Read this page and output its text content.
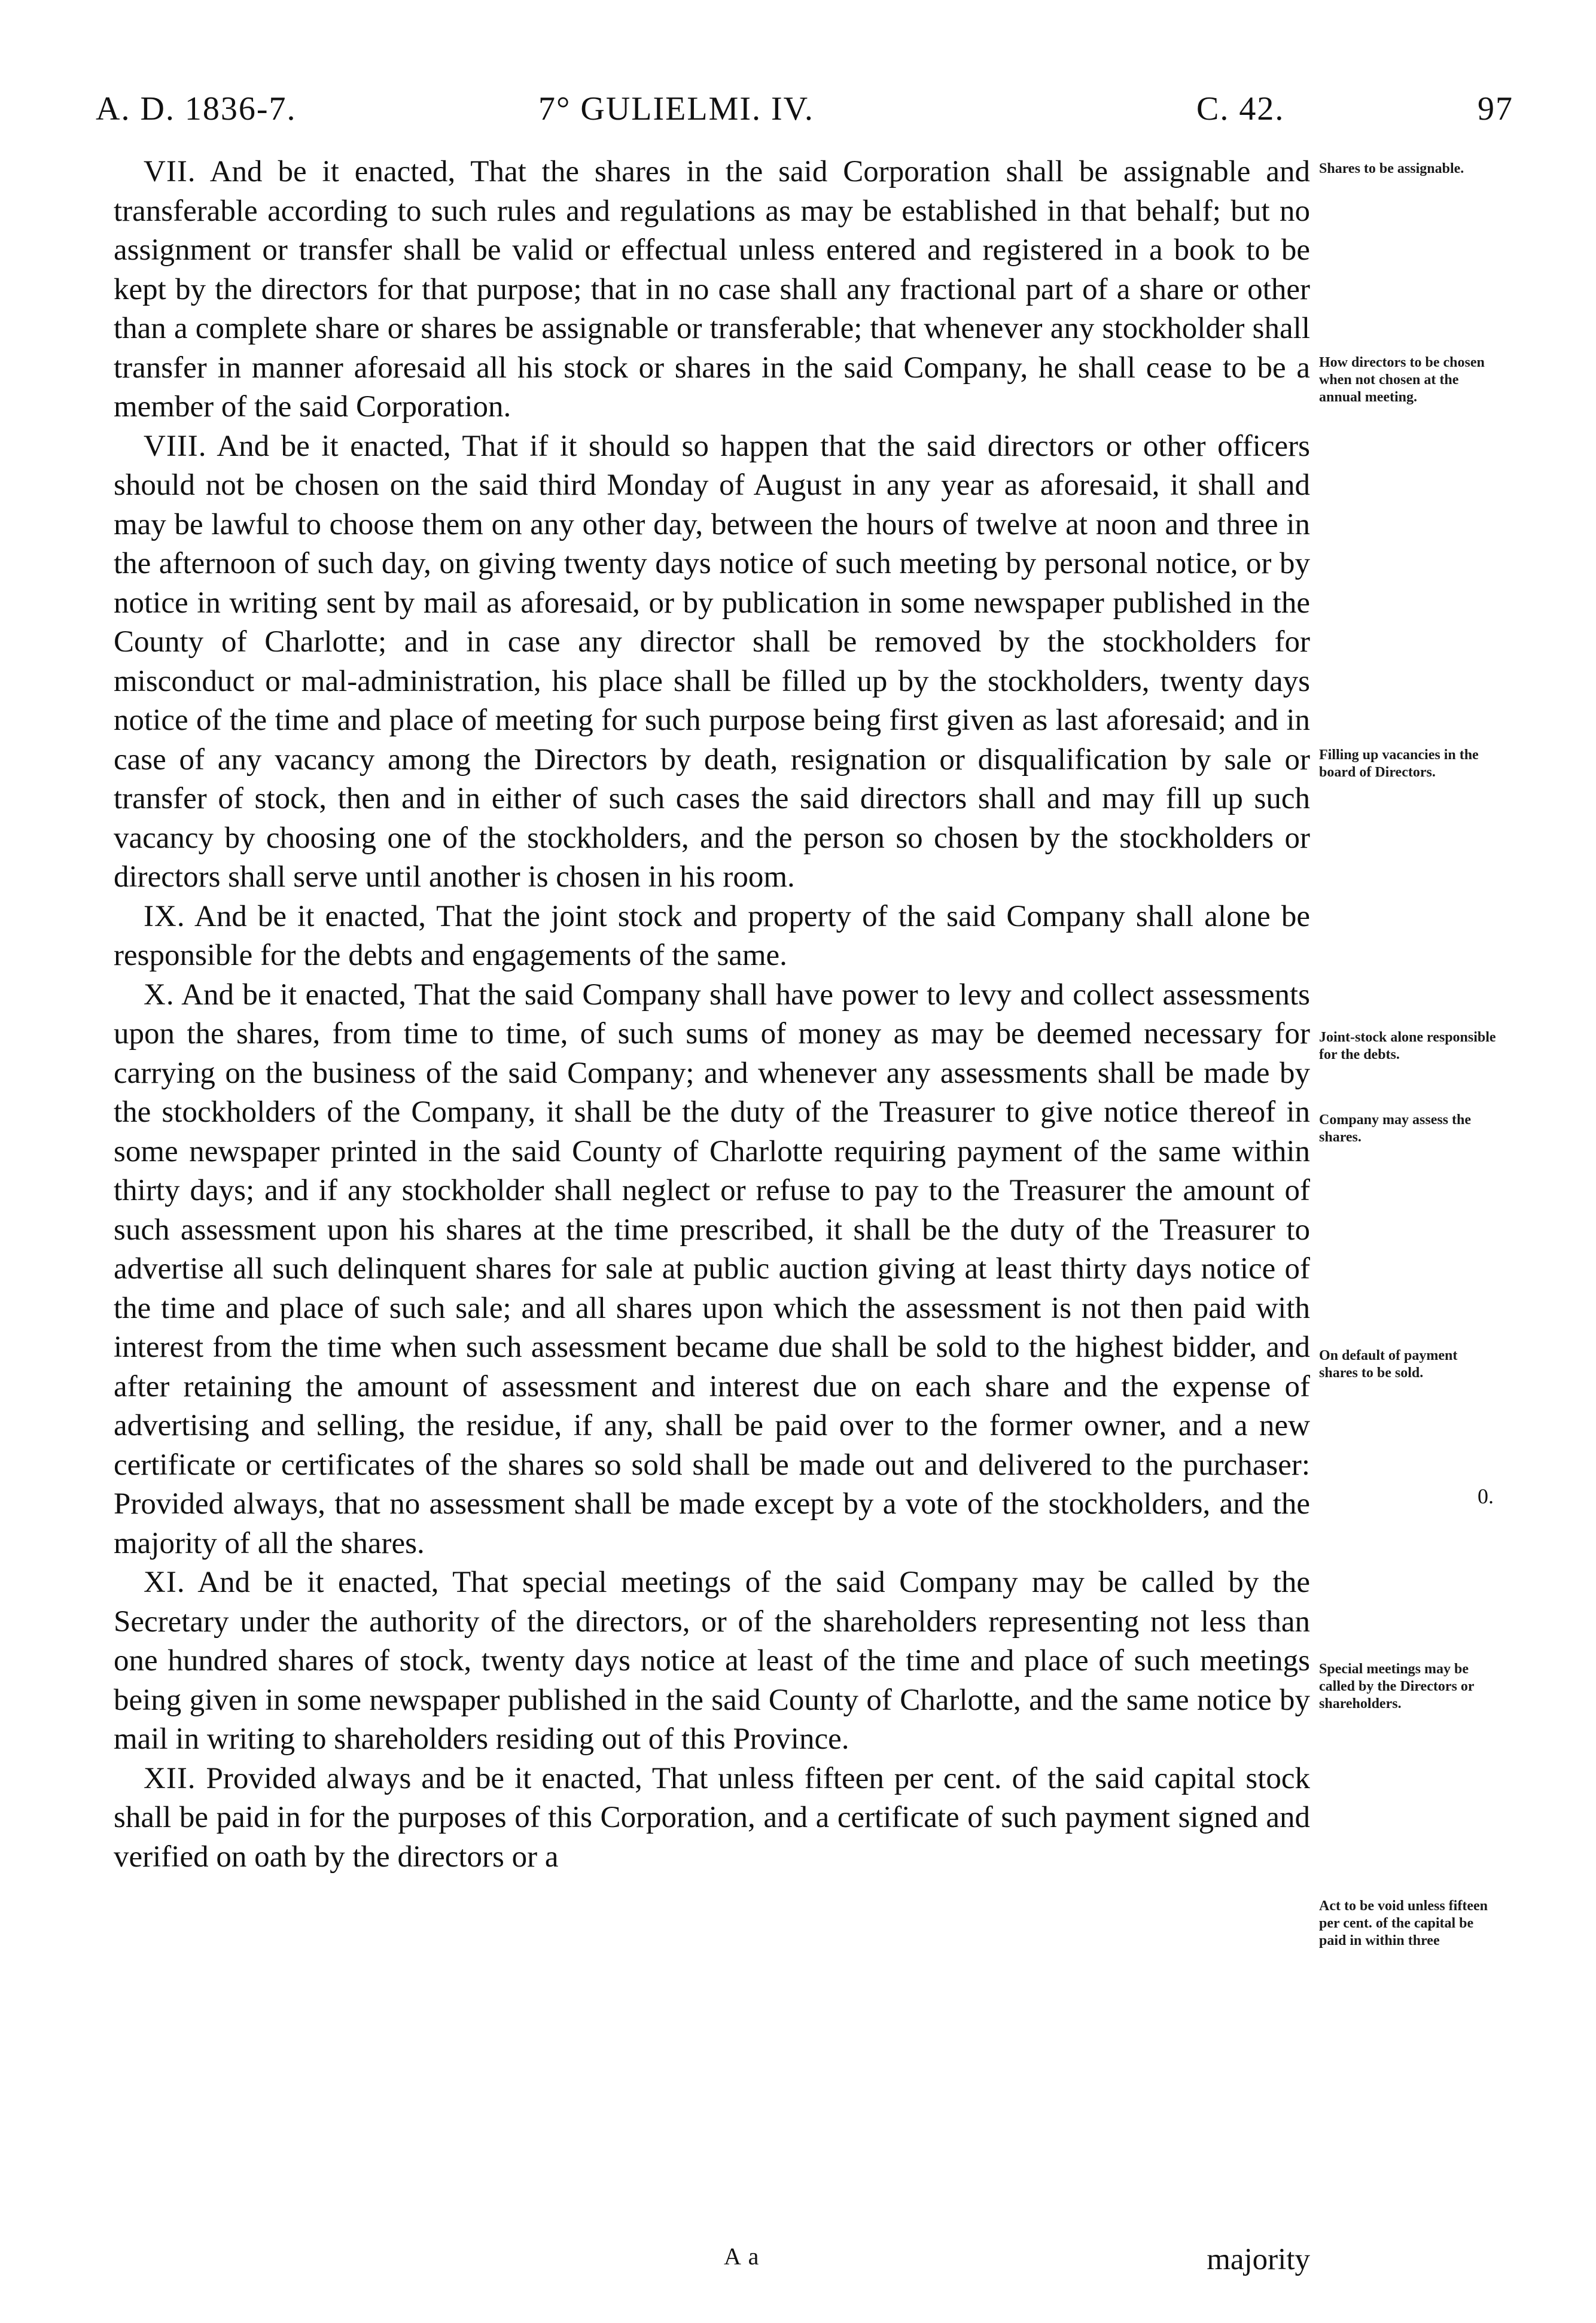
A. D. 1836-7.	7° GULIELMI. IV.	C. 42.	97

VII. And be it enacted, That the shares in the said Corporation shall be assignable and transferable according to such rules and regulations as may be established in that behalf; but no assignment or transfer shall be valid or effectual unless entered and registered in a book to be kept by the directors for that purpose; that in no case shall any fractional part of a share or other than a complete share or shares be assignable or transferable; that whenever any stockholder shall transfer in manner aforesaid all his stock or shares in the said Company, he shall cease to be a member of the said Corporation.

VIII. And be it enacted, That if it should so happen that the said directors or other officers should not be chosen on the said third Monday of August in any year as aforesaid, it shall and may be lawful to choose them on any other day, between the hours of twelve at noon and three in the afternoon of such day, on giving twenty days notice of such meeting by personal notice, or by notice in writing sent by mail as aforesaid, or by publication in some newspaper published in the County of Charlotte; and in case any director shall be removed by the stockholders for misconduct or mal-administration, his place shall be filled up by the stockholders, twenty days notice of the time and place of meeting for such purpose being first given as last aforesaid; and in case of any vacancy among the Directors by death, resignation or disqualification by sale or transfer of stock, then and in either of such cases the said directors shall and may fill up such vacancy by choosing one of the stockholders, and the person so chosen by the stockholders or directors shall serve until another is chosen in his room.

IX. And be it enacted, That the joint stock and property of the said Company shall alone be responsible for the debts and engagements of the same.

X. And be it enacted, That the said Company shall have power to levy and collect assessments upon the shares, from time to time, of such sums of money as may be deemed necessary for carrying on the business of the said Company; and whenever any assessments shall be made by the stockholders of the Company, it shall be the duty of the Treasurer to give notice thereof in some newspaper printed in the said County of Charlotte requiring payment of the same within thirty days; and if any stockholder shall neglect or refuse to pay to the Treasurer the amount of such assessment upon his shares at the time prescribed, it shall be the duty of the Treasurer to advertise all such delinquent shares for sale at public auction giving at least thirty days notice of the time and place of such sale; and all shares upon which the assessment is not then paid with interest from the time when such assessment became due shall be sold to the highest bidder, and after retaining the amount of assessment and interest due on each share and the expense of advertising and selling, the residue, if any, shall be paid over to the former owner, and a new certificate or certificates of the shares so sold shall be made out and delivered to the purchaser: Provided always, that no assessment shall be made except by a vote of the stockholders, and the majority of all the shares.

XI. And be it enacted, That special meetings of the said Company may be called by the Secretary under the authority of the directors, or of the shareholders representing not less than one hundred shares of stock, twenty days notice at least of the time and place of such meetings being given in some newspaper published in the said County of Charlotte, and the same notice by mail in writing to shareholders residing out of this Province.

XII. Provided always and be it enacted, That unless fifteen per cent. of the said capital stock shall be paid in for the purposes of this Corporation, and a certificate of such payment signed and verified on oath by the directors or a

Shares to be assignable.
How directors to be chosen when not chosen at the annual meeting.
Filling up vacancies in the board of Directors.
Joint-stock alone responsible for the debts.
Company may assess the shares.
On default of payment shares to be sold.
Special meetings may be called by the Directors or shareholders.
Act to be void unless fifteen per cent. of the capital be paid in within three
0.
A a	majority
